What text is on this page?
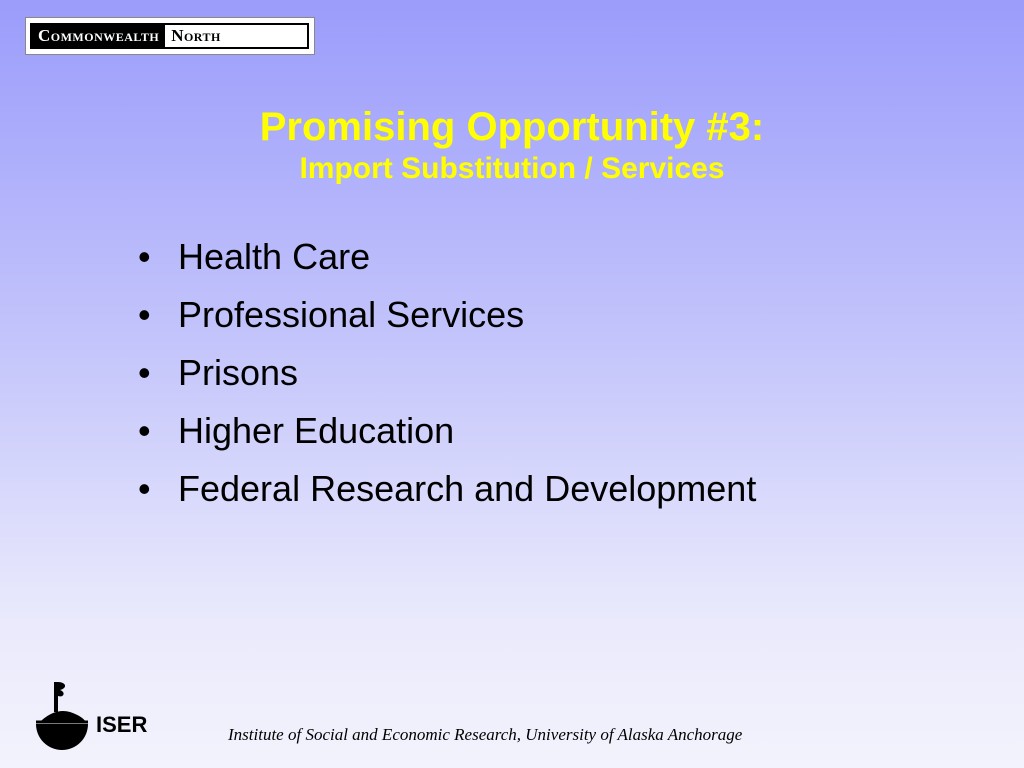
Commonwealth North
Promising Opportunity #3:
Import Substitution / Services
• Health Care
• Professional Services
• Prisons
• Higher Education
• Federal Research and Development
ISER	Institute of Social and Economic Research, University of Alaska Anchorage
